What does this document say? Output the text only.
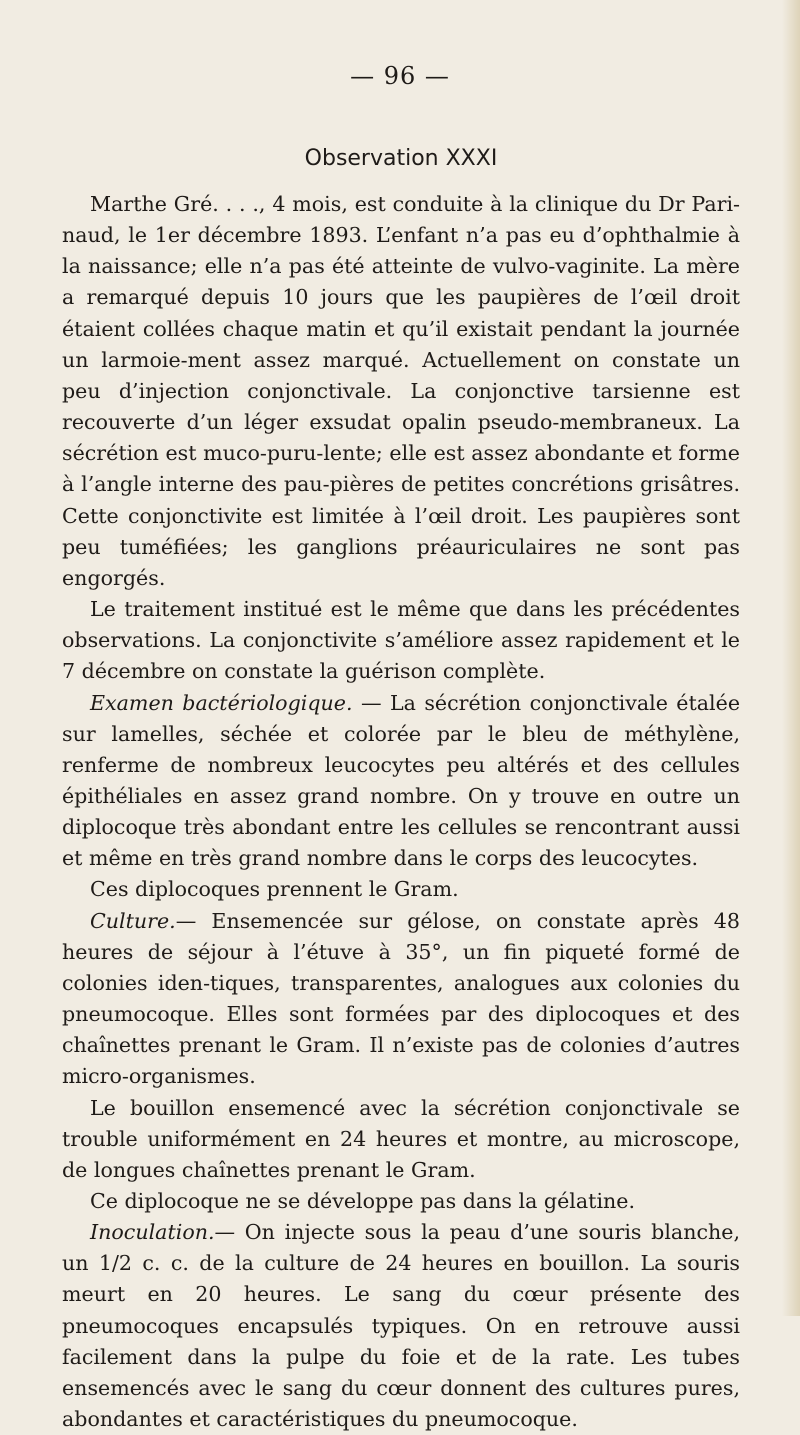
— 96 —
Observation XXXI

Marthe Gré. . . ., 4 mois, est conduite à la clinique du Dr Pari-naud, le 1er décembre 1893. L’enfant n’a pas eu d’ophthalmie à la naissance; elle n’a pas été atteinte de vulvo-vaginite. La mère a remarqué depuis 10 jours que les paupières de l’œil droit étaient collées chaque matin et qu’il existait pendant la journée un larmoie-ment assez marqué. Actuellement on constate un peu d’injection conjonctivale. La conjonctive tarsienne est recouverte d’un léger exsudat opalin pseudo-membraneux. La sécrétion est muco-puru-lente; elle est assez abondante et forme à l’angle interne des pau-pières de petites concrétions grisâtres. Cette conjonctivite est limitée à l’œil droit. Les paupières sont peu tuméfiées; les ganglions préauriculaires ne sont pas engorgés.

Le traitement institué est le même que dans les précédentes observations. La conjonctivite s’améliore assez rapidement et le 7 décembre on constate la guérison complète.

Examen bactériologique. — La sécrétion conjonctivale étalée sur lamelles, séchée et colorée par le bleu de méthylène, renferme de nombreux leucocytes peu altérés et des cellules épithéliales en assez grand nombre. On y trouve en outre un diplocoque très abondant entre les cellules se rencontrant aussi et même en très grand nombre dans le corps des leucocytes.

Ces diplocoques prennent le Gram.

Culture.— Ensemencée sur gélose, on constate après 48 heures de séjour à l’étuve à 35°, un fin piqueté formé de colonies iden-tiques, transparentes, analogues aux colonies du pneumocoque. Elles sont formées par des diplocoques et des chaînettes prenant le Gram. Il n’existe pas de colonies d’autres micro-organismes.

Le bouillon ensemencé avec la sécrétion conjonctivale se trouble uniformément en 24 heures et montre, au microscope, de longues chaînettes prenant le Gram.

Ce diplocoque ne se développe pas dans la gélatine.

Inoculation.— On injecte sous la peau d’une souris blanche, un 1/2 c. c. de la culture de 24 heures en bouillon. La souris meurt en 20 heures. Le sang du cœur présente des pneumocoques encapsulés typiques. On en retrouve aussi facilement dans la pulpe du foie et de la rate. Les tubes ensemencés avec le sang du cœur donnent des cultures pures, abondantes et caractéristiques du pneumocoque.
